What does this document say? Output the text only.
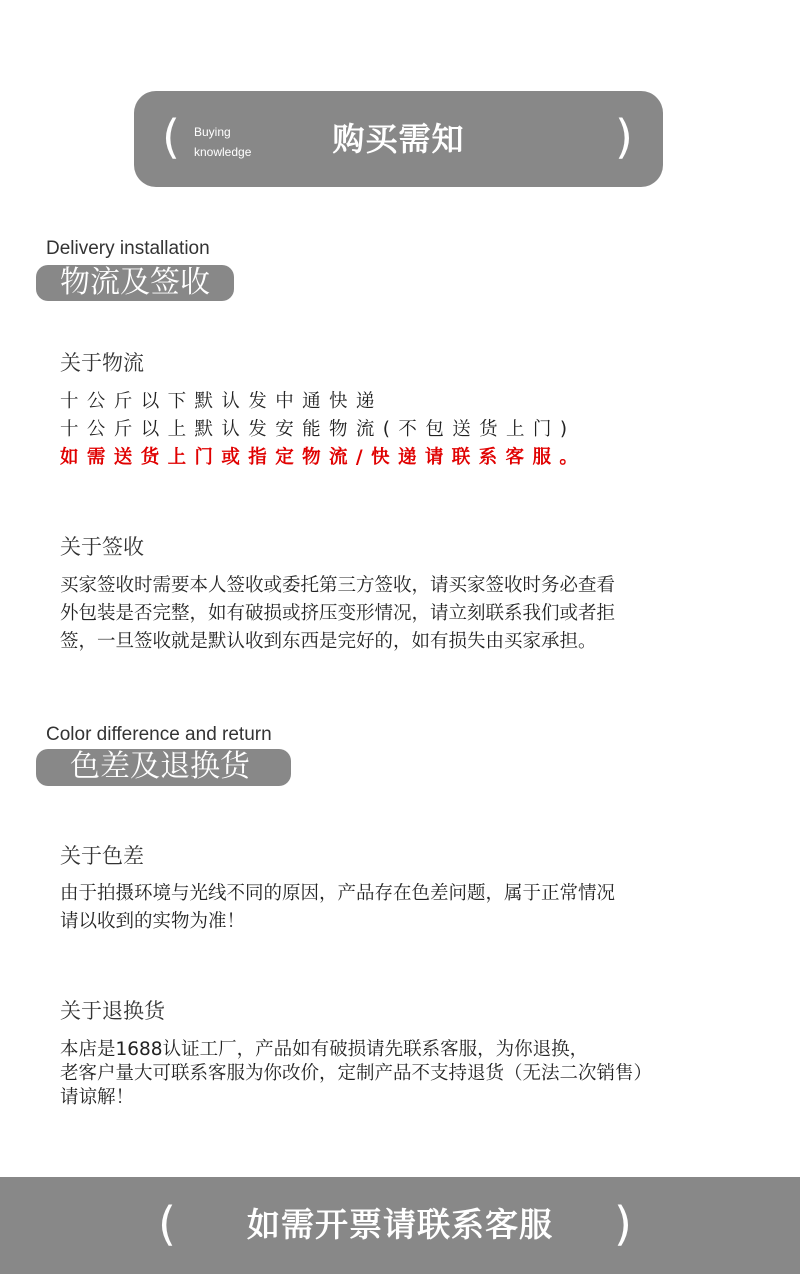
( Buying
knowledge	购买需知	)
Delivery installation
物流及签收
关于物流
十公斤以下默认发中通快递
十公斤以上默认发安能物流(不包送货上门)
如需送货上门或指定物流/快递请联系客服。
关于签收
买家签收时需要本人签收或委托第三方签收，请买家签收时务必查看
外包装是否完整，如有破损或挤压变形情况，请立刻联系我们或者拒
签，一旦签收就是默认收到东西是完好的，如有损失由买家承担。
Color difference and return
色差及退换货
关于色差
由于拍摄环境与光线不同的原因，产品存在色差问题，属于正常情况
请以收到的实物为准！
关于退换货
本店是1688认证工厂，产品如有破损请先联系客服，为你退换，
老客户量大可联系客服为你改价，定制产品不支持退货（无法二次销售）
请谅解！
(	如需开票请联系客服	)
